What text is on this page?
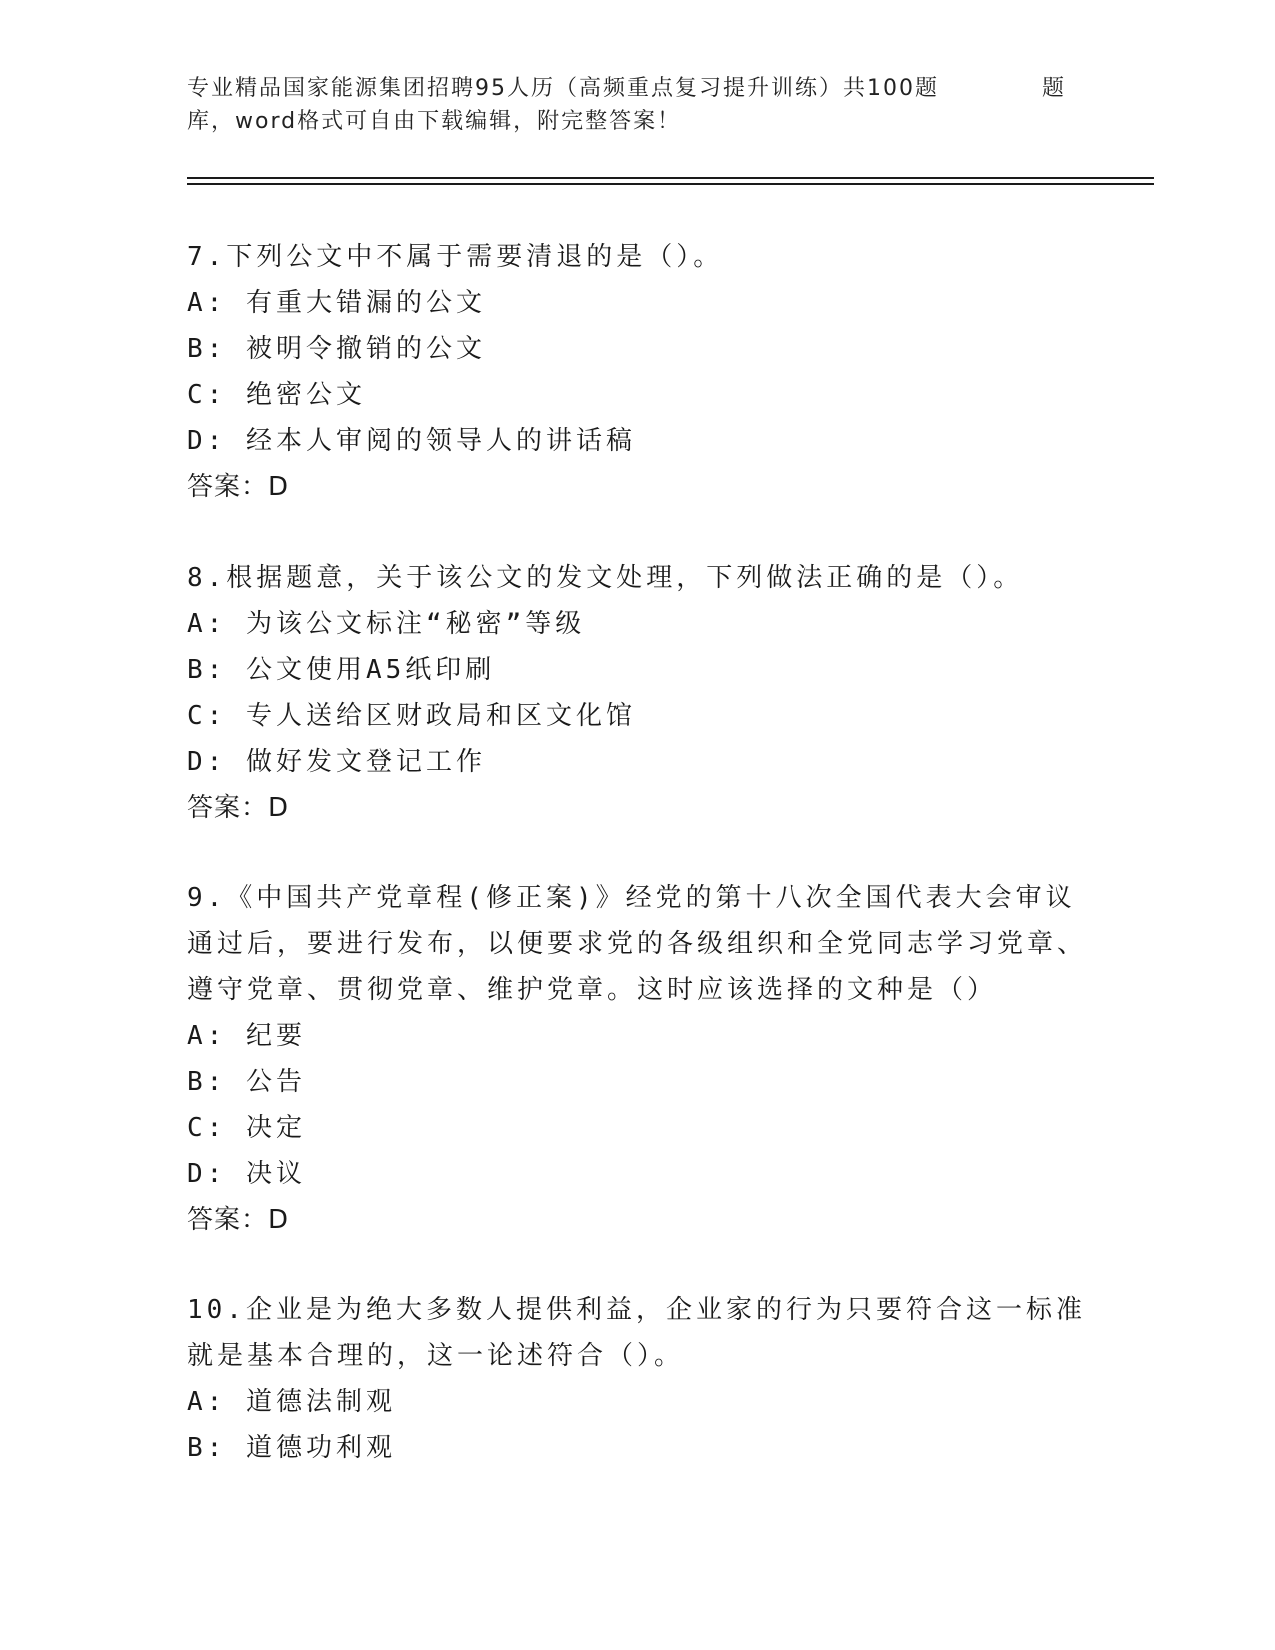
专业精品国家能源集团招聘95人历（高频重点复习提升训练）共100题	题
库，word格式可自由下载编辑，附完整答案！
7.下列公文中不属于需要清退的是（）。
A: 有重大错漏的公文
B: 被明令撤销的公文
C: 绝密公文
D: 经本人审阅的领导人的讲话稿
答案：D
8.根据题意，关于该公文的发文处理，下列做法正确的是（）。
A: 为该公文标注“秘密”等级
B: 公文使用A5纸印刷
C: 专人送给区财政局和区文化馆
D: 做好发文登记工作
答案：D
9.《中国共产党章程(修正案)》经党的第十八次全国代表大会审议通过后，要进行发布，以便要求党的各级组织和全党同志学习党章、遵守党章、贯彻党章、维护党章。这时应该选择的文种是（）
A: 纪要
B: 公告
C: 决定
D: 决议
答案：D
10.企业是为绝大多数人提供利益，企业家的行为只要符合这一标准就是基本合理的，这一论述符合（）。
A: 道德法制观
B: 道德功利观
